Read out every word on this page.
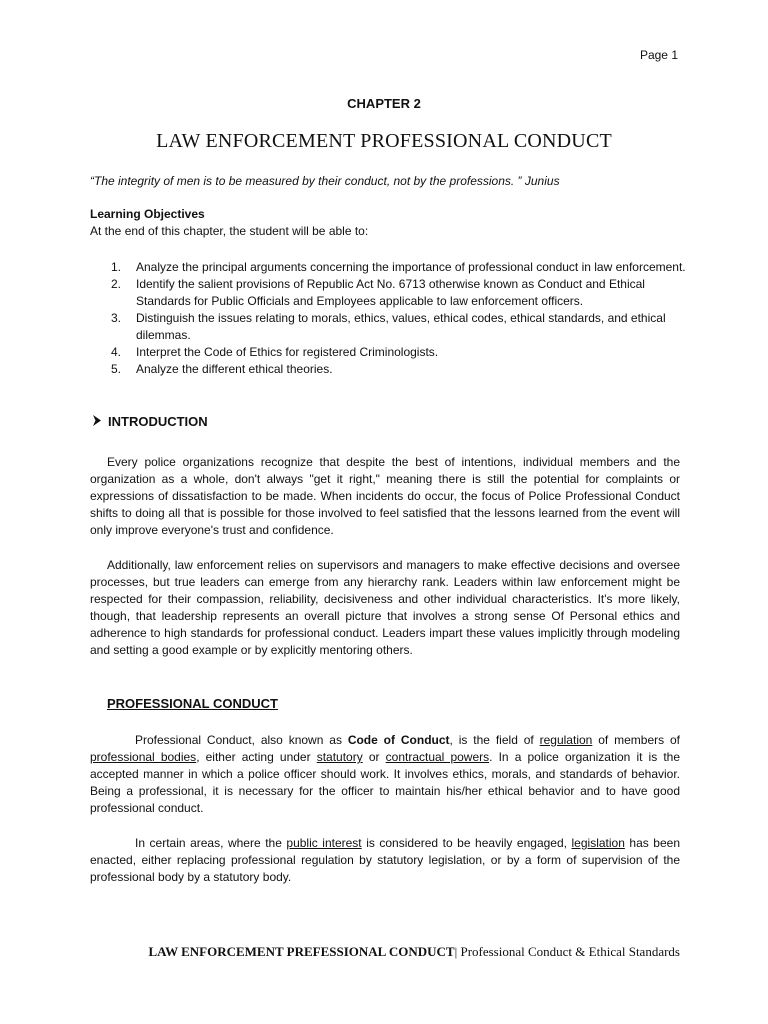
Page 1
CHAPTER 2
LAW ENFORCEMENT PROFESSIONAL CONDUCT
“The integrity of men is to be measured by their conduct, not by the professions. ” Junius
Learning Objectives
At the end of this chapter, the student will be able to:
1. Analyze the principal arguments concerning the importance of professional conduct in law enforcement.
2. Identify the salient provisions of Republic Act No. 6713 otherwise known as Conduct and Ethical Standards for Public Officials and Employees applicable to law enforcement officers.
3. Distinguish the issues relating to morals, ethics, values, ethical codes, ethical standards, and ethical dilemmas.
4. Interpret the Code of Ethics for registered Criminologists.
5. Analyze the different ethical theories.
INTRODUCTION

Every police organizations recognize that despite the best of intentions, individual members and the organization as a whole, don't always "get it right," meaning there is still the potential for complaints or expressions of dissatisfaction to be made. When incidents do occur, the focus of Police Professional Conduct shifts to doing all that is possible for those involved to feel satisfied that the lessons learned from the event will only improve everyone's trust and confidence.

Additionally, law enforcement relies on supervisors and managers to make effective decisions and oversee processes, but true leaders can emerge from any hierarchy rank. Leaders within law enforcement might be respected for their compassion, reliability, decisiveness and other individual characteristics. It's more likely, though, that leadership represents an overall picture that involves a strong sense Of Personal ethics and adherence to high standards for professional conduct. Leaders impart these values implicitly through modeling and setting a good example or by explicitly mentoring others.

PROFESSIONAL CONDUCT

Professional Conduct, also known as Code of Conduct, is the field of regulation of members of professional bodies, either acting under statutory or contractual powers. In a police organization it is the accepted manner in which a police officer should work. It involves ethics, morals, and standards of behavior. Being a professional, it is necessary for the officer to maintain his/her ethical behavior and to have good professional conduct.

In certain areas, where the public interest is considered to be heavily engaged, legislation has been enacted, either replacing professional regulation by statutory legislation, or by a form of supervision of the professional body by a statutory body.

LAW ENFORCEMENT PREFESSIONAL CONDUCT| Professional Conduct & Ethical Standards
